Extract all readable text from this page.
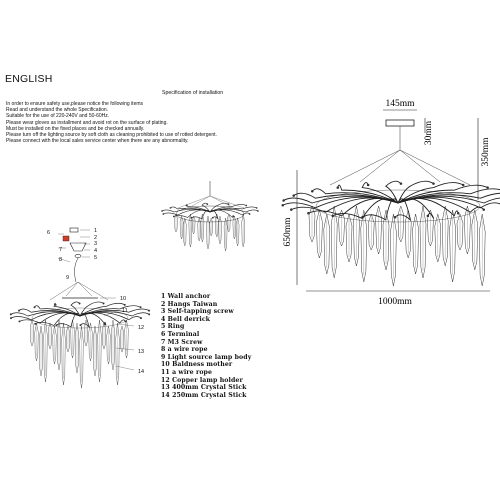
ENGLISH
Specification of installation
In order to ensure safety use,please notice the following items
Read and understand the whole Specification.
Suitable for the use of 220-240V and 50-60Hz.
Please wear gloves as installment and avoid rot on the surface of plating.
Must be installed on the fixed places and be checked annually.
Please turn off the lighting source by soft cloth as cleaning prohibited to use of rotted detergent.
Please connect with the local sales service center when there are any abnormality.
145mm
30mm
350mm
650mm
1000mm
6
7
8
1
2
3
4
5
9
10
11
12
13
14
1 Wall anchor
2 Hangs Taiwan
3 Self-tapping screw
4 Bell derrick
5 Ring
6 Terminal
7 M3 Screw
8 a wire rope
9 Light source lamp body
10 Baldness mother
11 a wire rope
12 Copper lamp holder
13 400mm Crystal Stick
14 250mm Crystal Stick
